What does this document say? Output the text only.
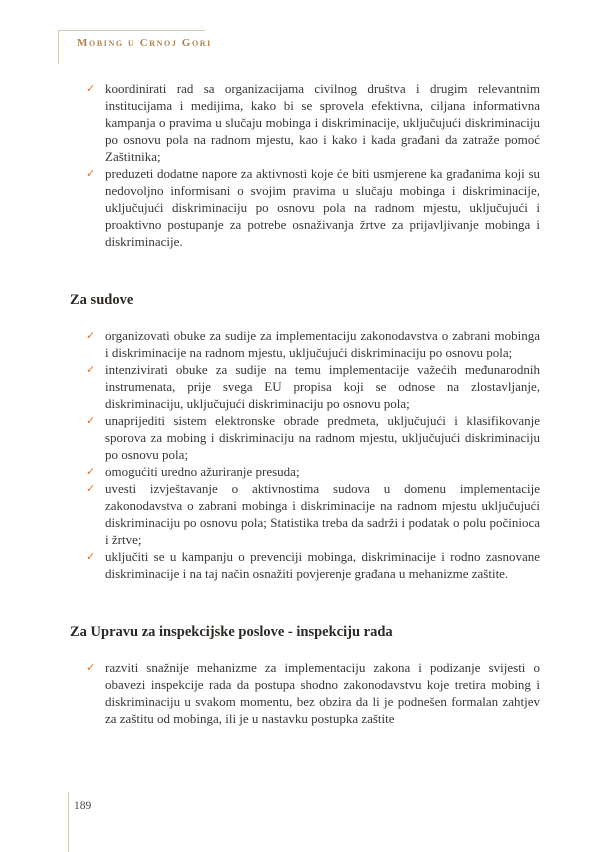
Mobing u Crnoj Gori
✓ koordinirati rad sa organizacijama civilnog društva i drugim relevantnim institucijama i medijima, kako bi se sprovela efektivna, ciljana informativna kampanja o pravima u slučaju mobinga i diskriminacije, uključujući diskriminaciju po osnovu pola na radnom mjestu, kao i kako i kada građani da zatraže pomoć Zaštitnika;
✓ preduzeti dodatne napore za aktivnosti koje će biti usmjerene ka građanima koji su nedovoljno informisani o svojim pravima u slučaju mobinga i diskriminacije, uključujući diskriminaciju po osnovu pola na radnom mjestu, uključujući i proaktivno postupanje za potrebe osnaživanja žrtve za prijavljivanje mobinga i diskriminacije.
Za sudove
✓ organizovati obuke za sudije za implementaciju zakonodavstva o zabrani mobinga i diskriminacije na radnom mjestu, uključujući diskriminaciju po osnovu pola;
✓ intenzivirati obuke za sudije na temu implementacije važećih međunarodnih instrumenata, prije svega EU propisa koji se odnose na zlostavljanje, diskriminaciju, uključujući diskriminaciju po osnovu pola;
✓ unaprijediti sistem elektronske obrade predmeta, uključujući i klasifikovanje sporova za mobing i diskriminaciju na radnom mjestu, uključujući diskriminaciju po osnovu pola;
✓ omogućiti uredno ažuriranje presuda;
✓ uvesti izvještavanje o aktivnostima sudova u domenu implementacije zakonodavstva o zabrani mobinga i diskriminacije na radnom mjestu uključujući diskriminaciju po osnovu pola; Statistika treba da sadrži i podatak o polu počinioca i žrtve;
✓ uključiti se u kampanju o prevenciji mobinga, diskriminacije i rodno zasnovane diskriminacije i na taj način osnažiti povjerenje građana u mehanizme zaštite.
Za Upravu za inspekcijske poslove - inspekciju rada
✓ razviti snažnije mehanizme za implementaciju zakona i podizanje svijesti o obavezi inspekcije rada da postupa shodno zakonodavstvu koje tretira mobing i diskriminaciju u svakom momentu, bez obzira da li je podnešen formalan zahtjev za zaštitu od mobinga, ili je u nastavku postupka zaštite
189
